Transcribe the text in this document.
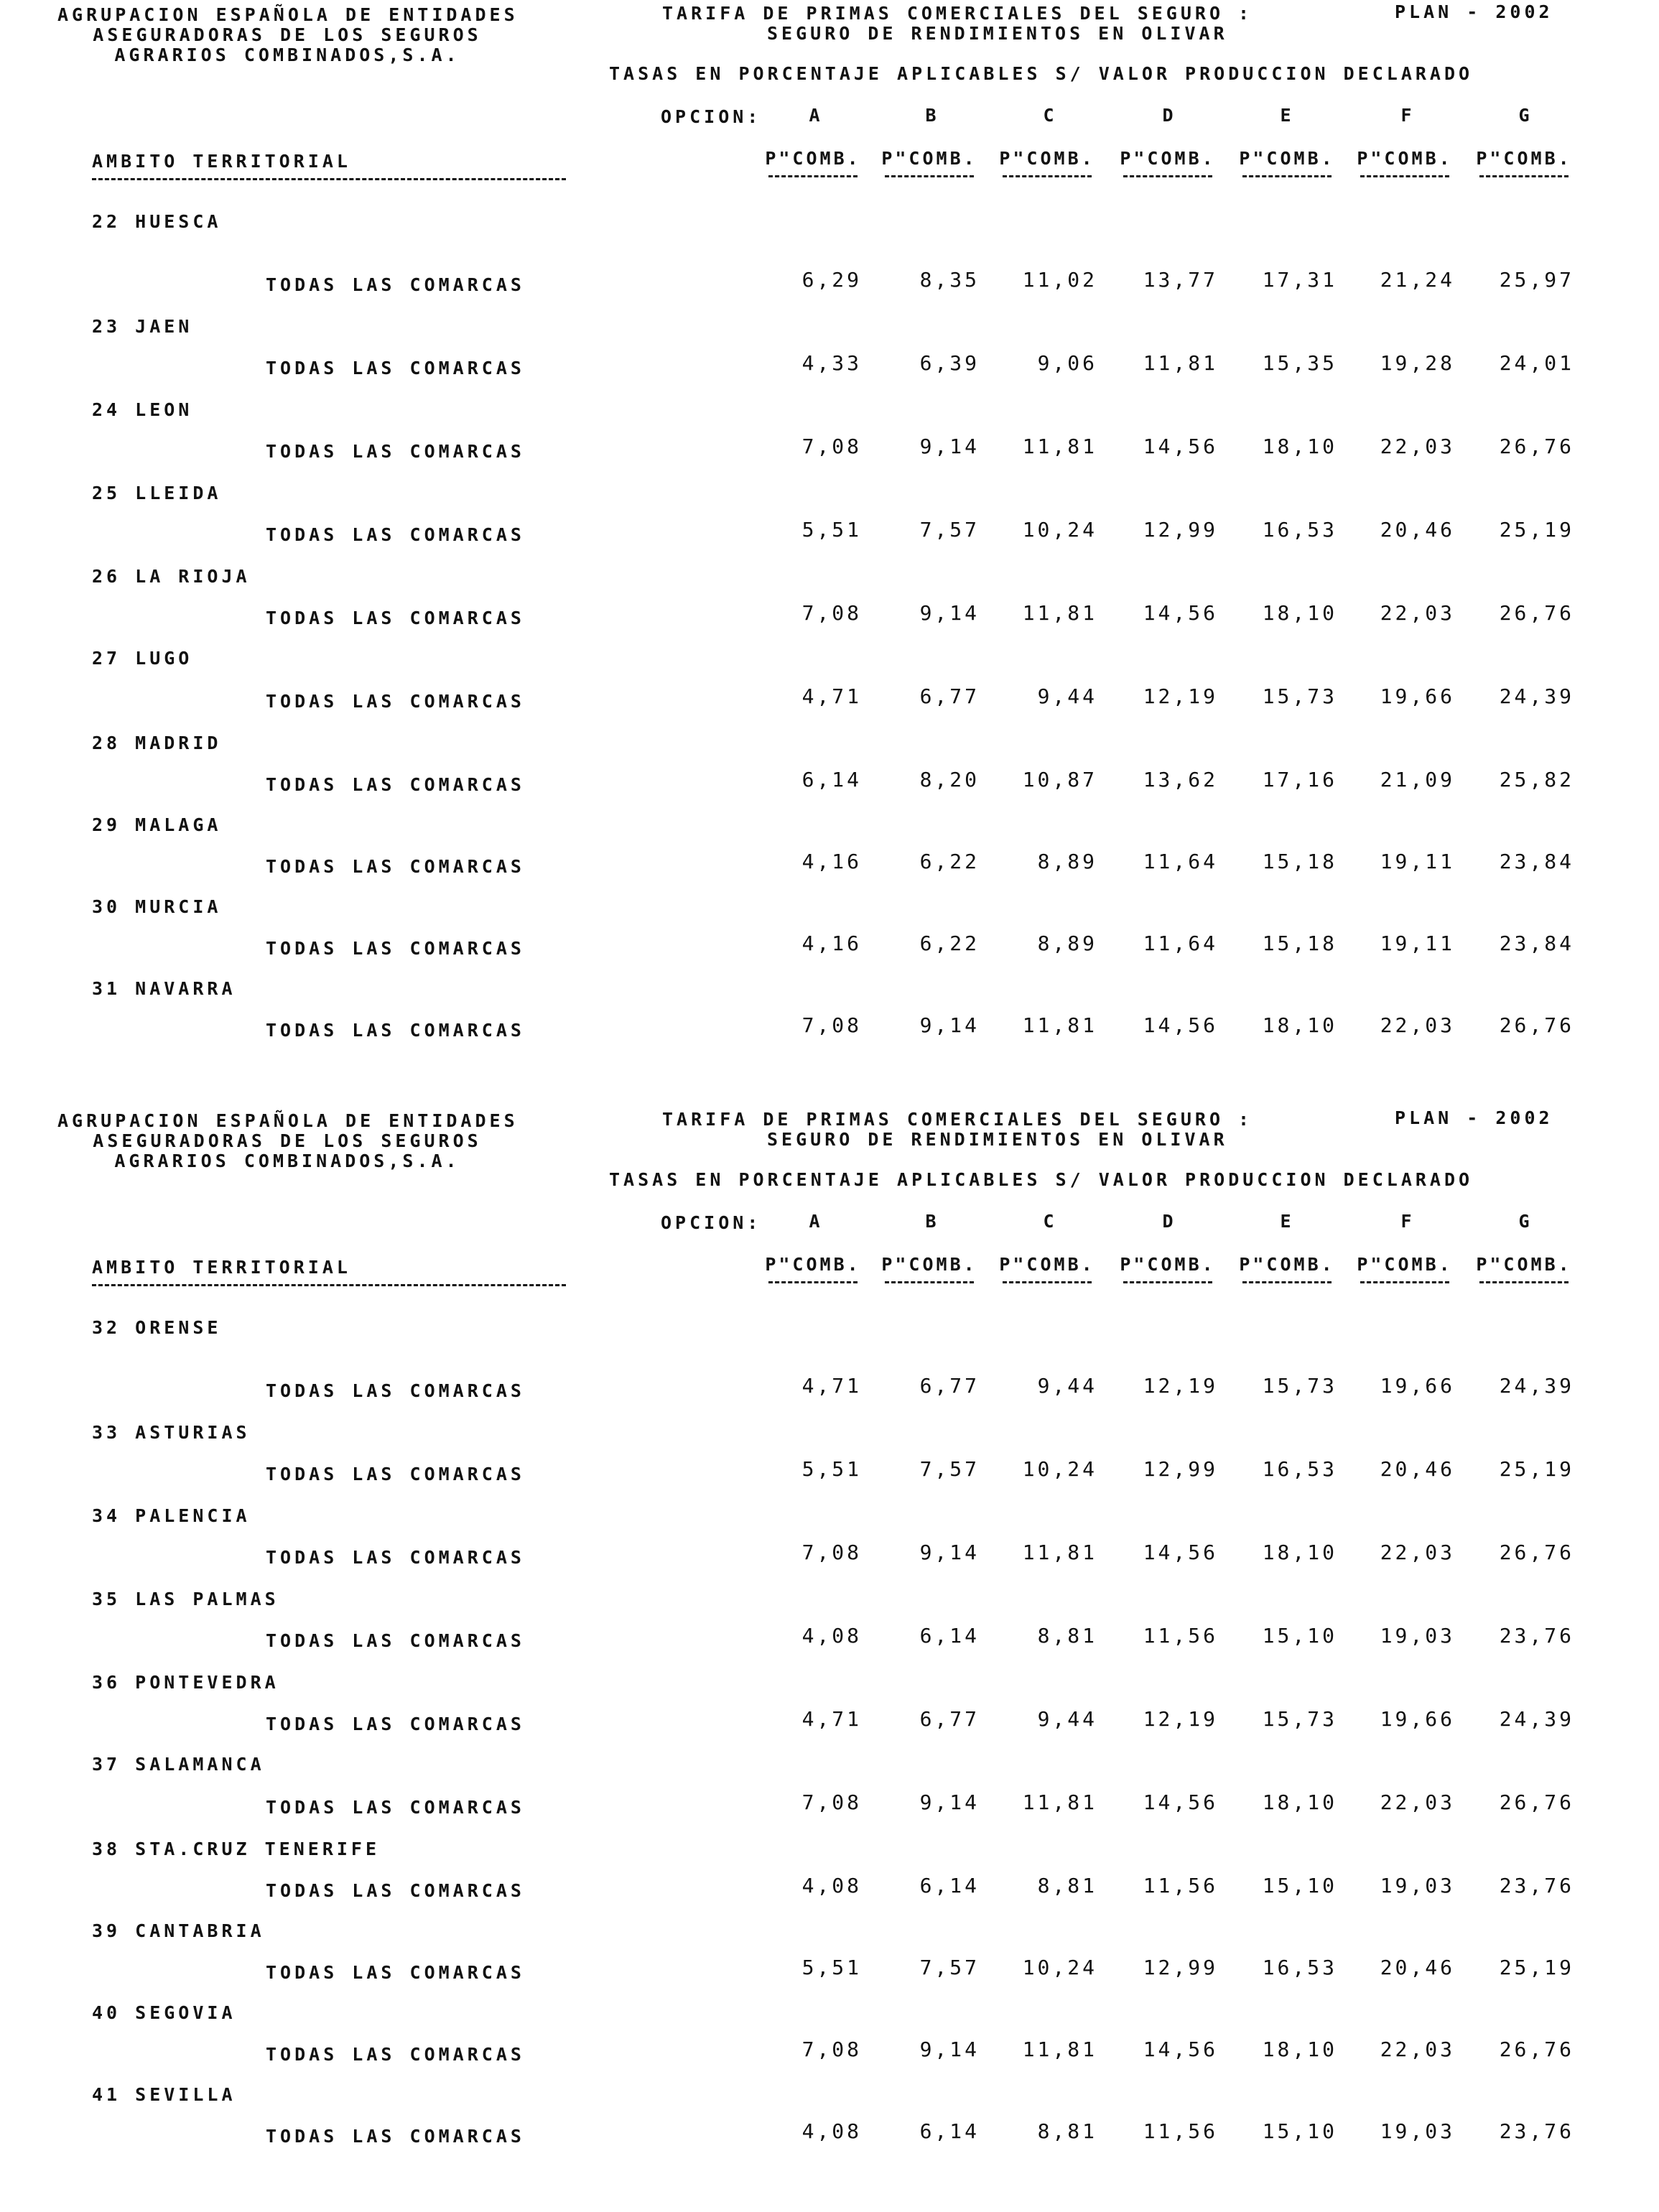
AGRUPACION ESPAÑOLA DE ENTIDADES
ASEGURADORAS DE LOS SEGUROS
AGRARIOS COMBINADOS,S.A.
TARIFA DE PRIMAS COMERCIALES DEL SEGURO :
SEGURO DE RENDIMIENTOS EN OLIVAR
PLAN - 2002
TASAS EN PORCENTAJE APLICABLES S/ VALOR PRODUCCION DECLARADO
OPCION:	A	B	C	D	E	F	G
AMBITO TERRITORIAL	P"COMB. P"COMB. P"COMB. P"COMB. P"COMB. P"COMB. P"COMB.
22 HUESCA
TODAS LAS COMARCAS	6,29	8,35	11,02	13,77	17,31	21,24	25,97
23 JAEN
TODAS LAS COMARCAS	4,33	6,39	9,06	11,81	15,35	19,28	24,01
24 LEON
TODAS LAS COMARCAS	7,08	9,14	11,81	14,56	18,10	22,03	26,76
25 LLEIDA
TODAS LAS COMARCAS	5,51	7,57	10,24	12,99	16,53	20,46	25,19
26 LA RIOJA
TODAS LAS COMARCAS	7,08	9,14	11,81	14,56	18,10	22,03	26,76
27 LUGO
TODAS LAS COMARCAS	4,71	6,77	9,44	12,19	15,73	19,66	24,39
28 MADRID
TODAS LAS COMARCAS	6,14	8,20	10,87	13,62	17,16	21,09	25,82
29 MALAGA
TODAS LAS COMARCAS	4,16	6,22	8,89	11,64	15,18	19,11	23,84
30 MURCIA
TODAS LAS COMARCAS	4,16	6,22	8,89	11,64	15,18	19,11	23,84
31 NAVARRA
TODAS LAS COMARCAS	7,08	9,14	11,81	14,56	18,10	22,03	26,76
AGRUPACION ESPAÑOLA DE ENTIDADES
ASEGURADORAS DE LOS SEGUROS
AGRARIOS COMBINADOS,S.A.
TARIFA DE PRIMAS COMERCIALES DEL SEGURO :
SEGURO DE RENDIMIENTOS EN OLIVAR
PLAN - 2002
TASAS EN PORCENTAJE APLICABLES S/ VALOR PRODUCCION DECLARADO
OPCION:	A	B	C	D	E	F	G
AMBITO TERRITORIAL	P"COMB. P"COMB. P"COMB. P"COMB. P"COMB. P"COMB. P"COMB.
32 ORENSE
TODAS LAS COMARCAS	4,71	6,77	9,44	12,19	15,73	19,66	24,39
33 ASTURIAS
TODAS LAS COMARCAS	5,51	7,57	10,24	12,99	16,53	20,46	25,19
34 PALENCIA
TODAS LAS COMARCAS	7,08	9,14	11,81	14,56	18,10	22,03	26,76
35 LAS PALMAS
TODAS LAS COMARCAS	4,08	6,14	8,81	11,56	15,10	19,03	23,76
36 PONTEVEDRA
TODAS LAS COMARCAS	4,71	6,77	9,44	12,19	15,73	19,66	24,39
37 SALAMANCA
TODAS LAS COMARCAS	7,08	9,14	11,81	14,56	18,10	22,03	26,76
38 STA.CRUZ TENERIFE
TODAS LAS COMARCAS	4,08	6,14	8,81	11,56	15,10	19,03	23,76
39 CANTABRIA
TODAS LAS COMARCAS	5,51	7,57	10,24	12,99	16,53	20,46	25,19
40 SEGOVIA
TODAS LAS COMARCAS	7,08	9,14	11,81	14,56	18,10	22,03	26,76
41 SEVILLA
TODAS LAS COMARCAS	4,08	6,14	8,81	11,56	15,10	19,03	23,76
